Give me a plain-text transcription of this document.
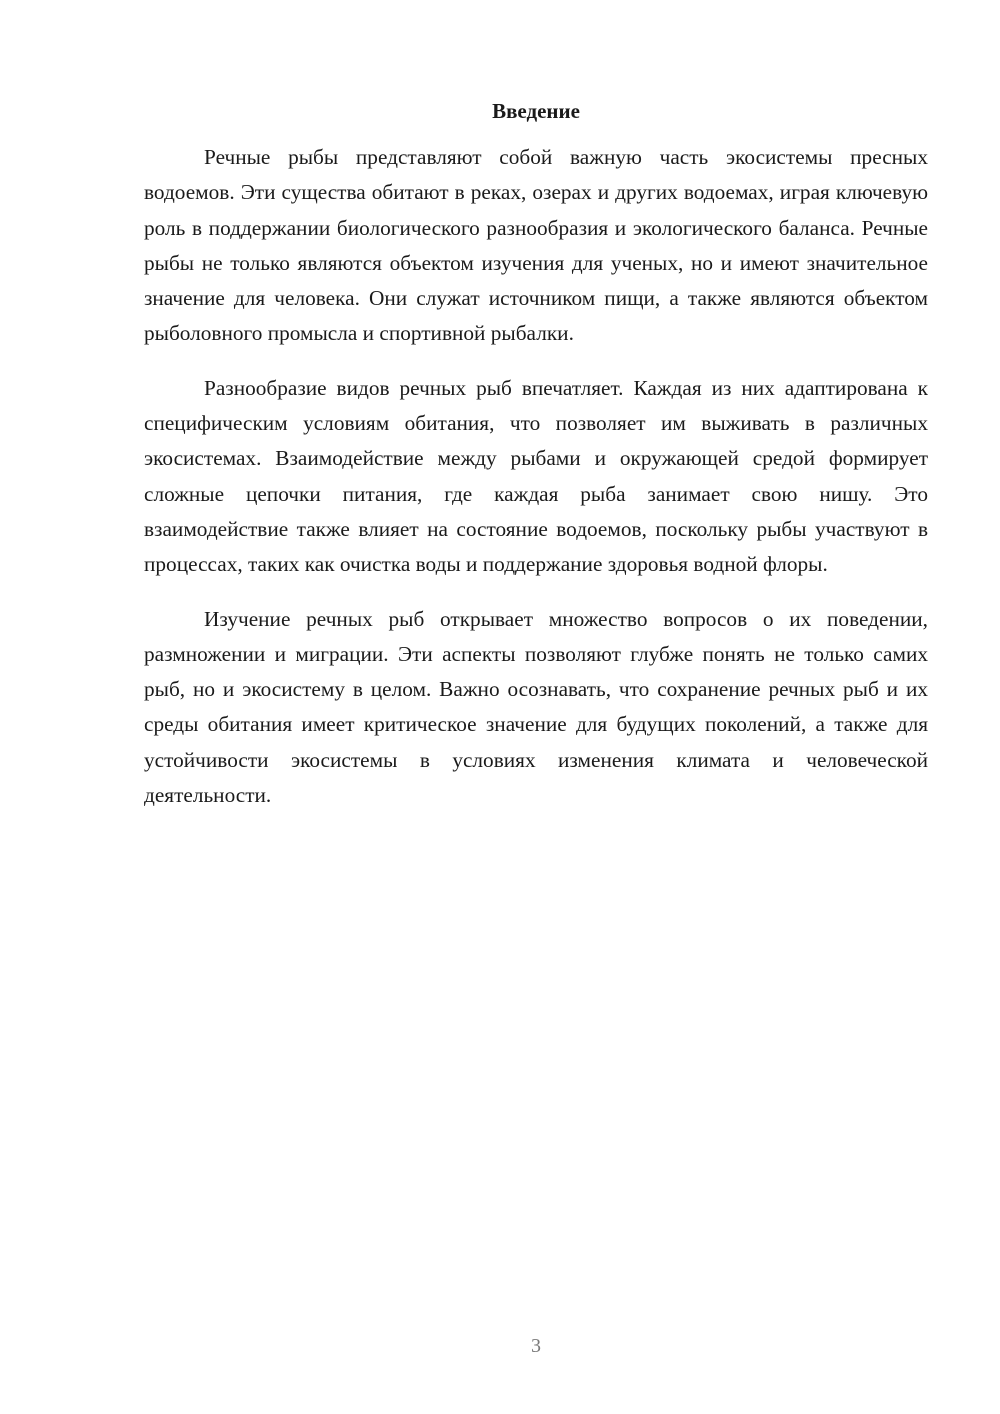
Введение

Речные рыбы представляют собой важную часть экосистемы пресных водоемов. Эти существа обитают в реках, озерах и других водоемах, играя ключевую роль в поддержании биологического разнообразия и экологического баланса. Речные рыбы не только являются объектом изучения для ученых, но и имеют значительное значение для человека. Они служат источником пищи, а также являются объектом рыболовного промысла и спортивной рыбалки.

Разнообразие видов речных рыб впечатляет. Каждая из них адаптирована к специфическим условиям обитания, что позволяет им выживать в различных экосистемах. Взаимодействие между рыбами и окружающей средой формирует сложные цепочки питания, где каждая рыба занимает свою нишу. Это взаимодействие также влияет на состояние водоемов, поскольку рыбы участвуют в процессах, таких как очистка воды и поддержание здоровья водной флоры.

Изучение речных рыб открывает множество вопросов о их поведении, размножении и миграции. Эти аспекты позволяют глубже понять не только самих рыб, но и экосистему в целом. Важно осознавать, что сохранение речных рыб и их среды обитания имеет критическое значение для будущих поколений, а также для устойчивости экосистемы в условиях изменения климата и человеческой деятельности.

3
